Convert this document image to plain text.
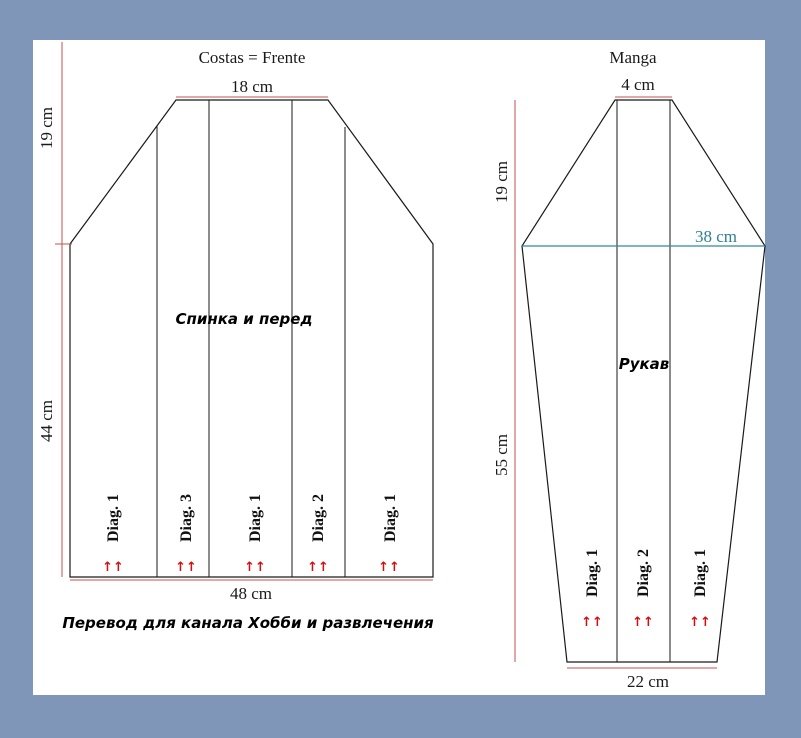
Costas = Frente
18 cm
19 cm
44 cm
48 cm
Спинка и перед
Diag. 1
↑↑
Diag. 3
↑↑
Diag. 1
↑↑
Diag. 2
↑↑
Diag. 1
↑↑
Manga
38 cm
4 cm
19 cm
55 cm
22 cm
Рукав
Diag. 1
↑↑
Diag. 2
↑↑
Diag. 1
↑↑
Перевод для канала Хобби и развлечения
